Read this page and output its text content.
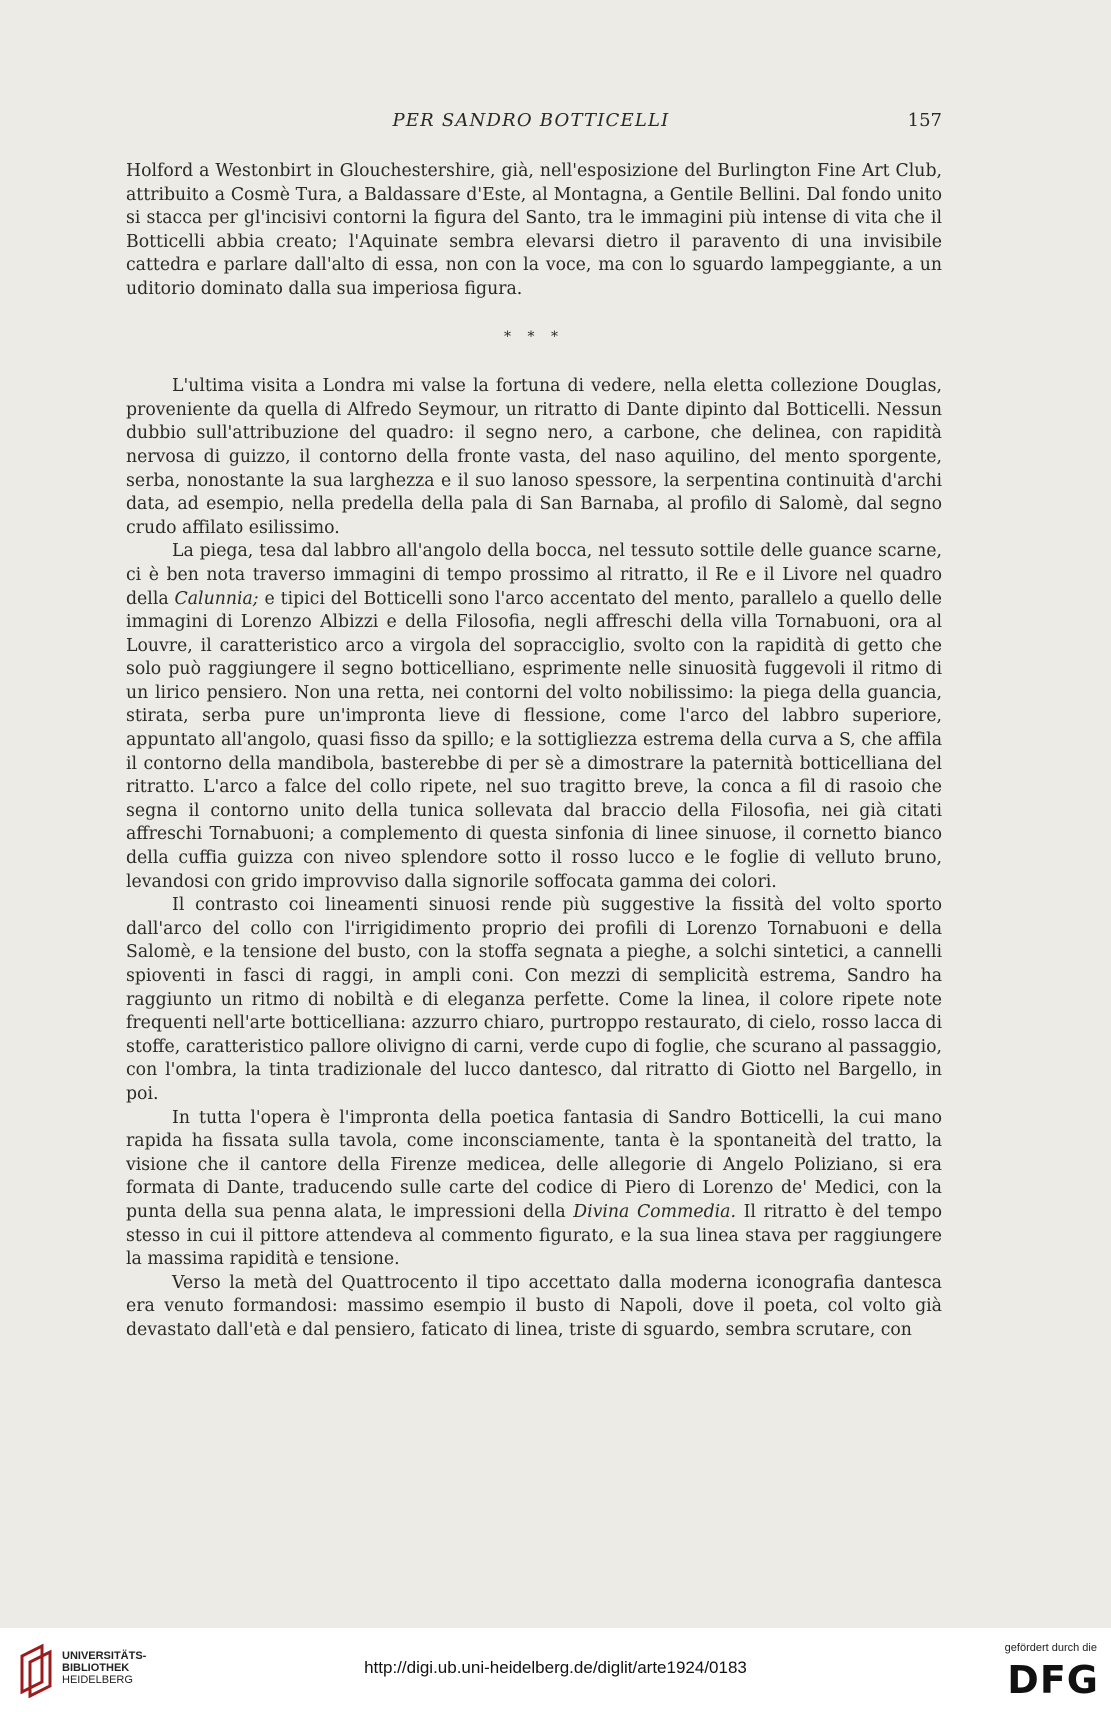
PER SANDRO BOTTICELLI	157

Holford a Westonbirt in Glouchestershire, già, nell'esposizione del Burlington Fine Art Club, attribuito a Cosmè Tura, a Baldassare d'Este, al Montagna, a Gentile Bellini. Dal fondo unito si stacca per gl'incisivi contorni la figura del Santo, tra le immagini più intense di vita che il Botticelli abbia creato; l'Aquinate sembra elevarsi dietro il paravento di una invisibile cattedra e parlare dall'alto di essa, non con la voce, ma con lo sguardo lampeggiante, a un uditorio dominato dalla sua imperiosa figura.

* * *

L'ultima visita a Londra mi valse la fortuna di vedere, nella eletta collezione Douglas, proveniente da quella di Alfredo Seymour, un ritratto di Dante dipinto dal Botticelli. Nessun dubbio sull'attribuzione del quadro: il segno nero, a carbone, che delinea, con rapidità nervosa di guizzo, il contorno della fronte vasta, del naso aquilino, del mento sporgente, serba, nonostante la sua larghezza e il suo lanoso spessore, la serpentina continuità d'archi data, ad esempio, nella predella della pala di San Barnaba, al profilo di Salomè, dal segno crudo affilato esilissimo.

La piega, tesa dal labbro all'angolo della bocca, nel tessuto sottile delle guance scarne, ci è ben nota traverso immagini di tempo prossimo al ritratto, il Re e il Livore nel quadro della Calunnia; e tipici del Botticelli sono l'arco accentato del mento, parallelo a quello delle immagini di Lorenzo Albizzi e della Filosofia, negli affreschi della villa Tornabuoni, ora al Louvre, il caratteristico arco a virgola del sopracciglio, svolto con la rapidità di getto che solo può raggiungere il segno botticelliano, esprimente nelle sinuosità fuggevoli il ritmo di un lirico pensiero. Non una retta, nei contorni del volto nobilissimo: la piega della guancia, stirata, serba pure un'impronta lieve di flessione, come l'arco del labbro superiore, appuntato all'angolo, quasi fisso da spillo; e la sottigliezza estrema della curva a S, che affila il contorno della mandibola, basterebbe di per sè a dimostrare la paternità botticelliana del ritratto. L'arco a falce del collo ripete, nel suo tragitto breve, la conca a fil di rasoio che segna il contorno unito della tunica sollevata dal braccio della Filosofia, nei già citati affreschi Tornabuoni; a complemento di questa sinfonia di linee sinuose, il cornetto bianco della cuffia guizza con niveo splendore sotto il rosso lucco e le foglie di velluto bruno, levandosi con grido improvviso dalla signorile soffocata gamma dei colori.

Il contrasto coi lineamenti sinuosi rende più suggestive la fissità del volto sporto dall'arco del collo con l'irrigidimento proprio dei profili di Lorenzo Tornabuoni e della Salomè, e la tensione del busto, con la stoffa segnata a pieghe, a solchi sintetici, a cannelli spioventi in fasci di raggi, in ampli coni. Con mezzi di semplicità estrema, Sandro ha raggiunto un ritmo di nobiltà e di eleganza perfette. Come la linea, il colore ripete note frequenti nell'arte botticelliana: azzurro chiaro, purtroppo restaurato, di cielo, rosso lacca di stoffe, caratteristico pallore olivigno di carni, verde cupo di foglie, che scurano al passaggio, con l'ombra, la tinta tradizionale del lucco dantesco, dal ritratto di Giotto nel Bargello, in poi.

In tutta l'opera è l'impronta della poetica fantasia di Sandro Botticelli, la cui mano rapida ha fissata sulla tavola, come inconsciamente, tanta è la spontaneità del tratto, la visione che il cantore della Firenze medicea, delle allegorie di Angelo Poliziano, si era formata di Dante, traducendo sulle carte del codice di Piero di Lorenzo de' Medici, con la punta della sua penna alata, le impressioni della Divina Commedia. Il ritratto è del tempo stesso in cui il pittore attendeva al commento figurato, e la sua linea stava per raggiungere la massima rapidità e tensione.

Verso la metà del Quattrocento il tipo accettato dalla moderna iconografia dantesca era venuto formandosi: massimo esempio il busto di Napoli, dove il poeta, col volto già devastato dall'età e dal pensiero, faticato di linea, triste di sguardo, sembra scrutare, con

UNIVERSITÄTS-
BIBLIOTHEK
HEIDELBERG
http://digi.ub.uni-heidelberg.de/diglit/arte1924/0183
gefördert durch die
DFG
